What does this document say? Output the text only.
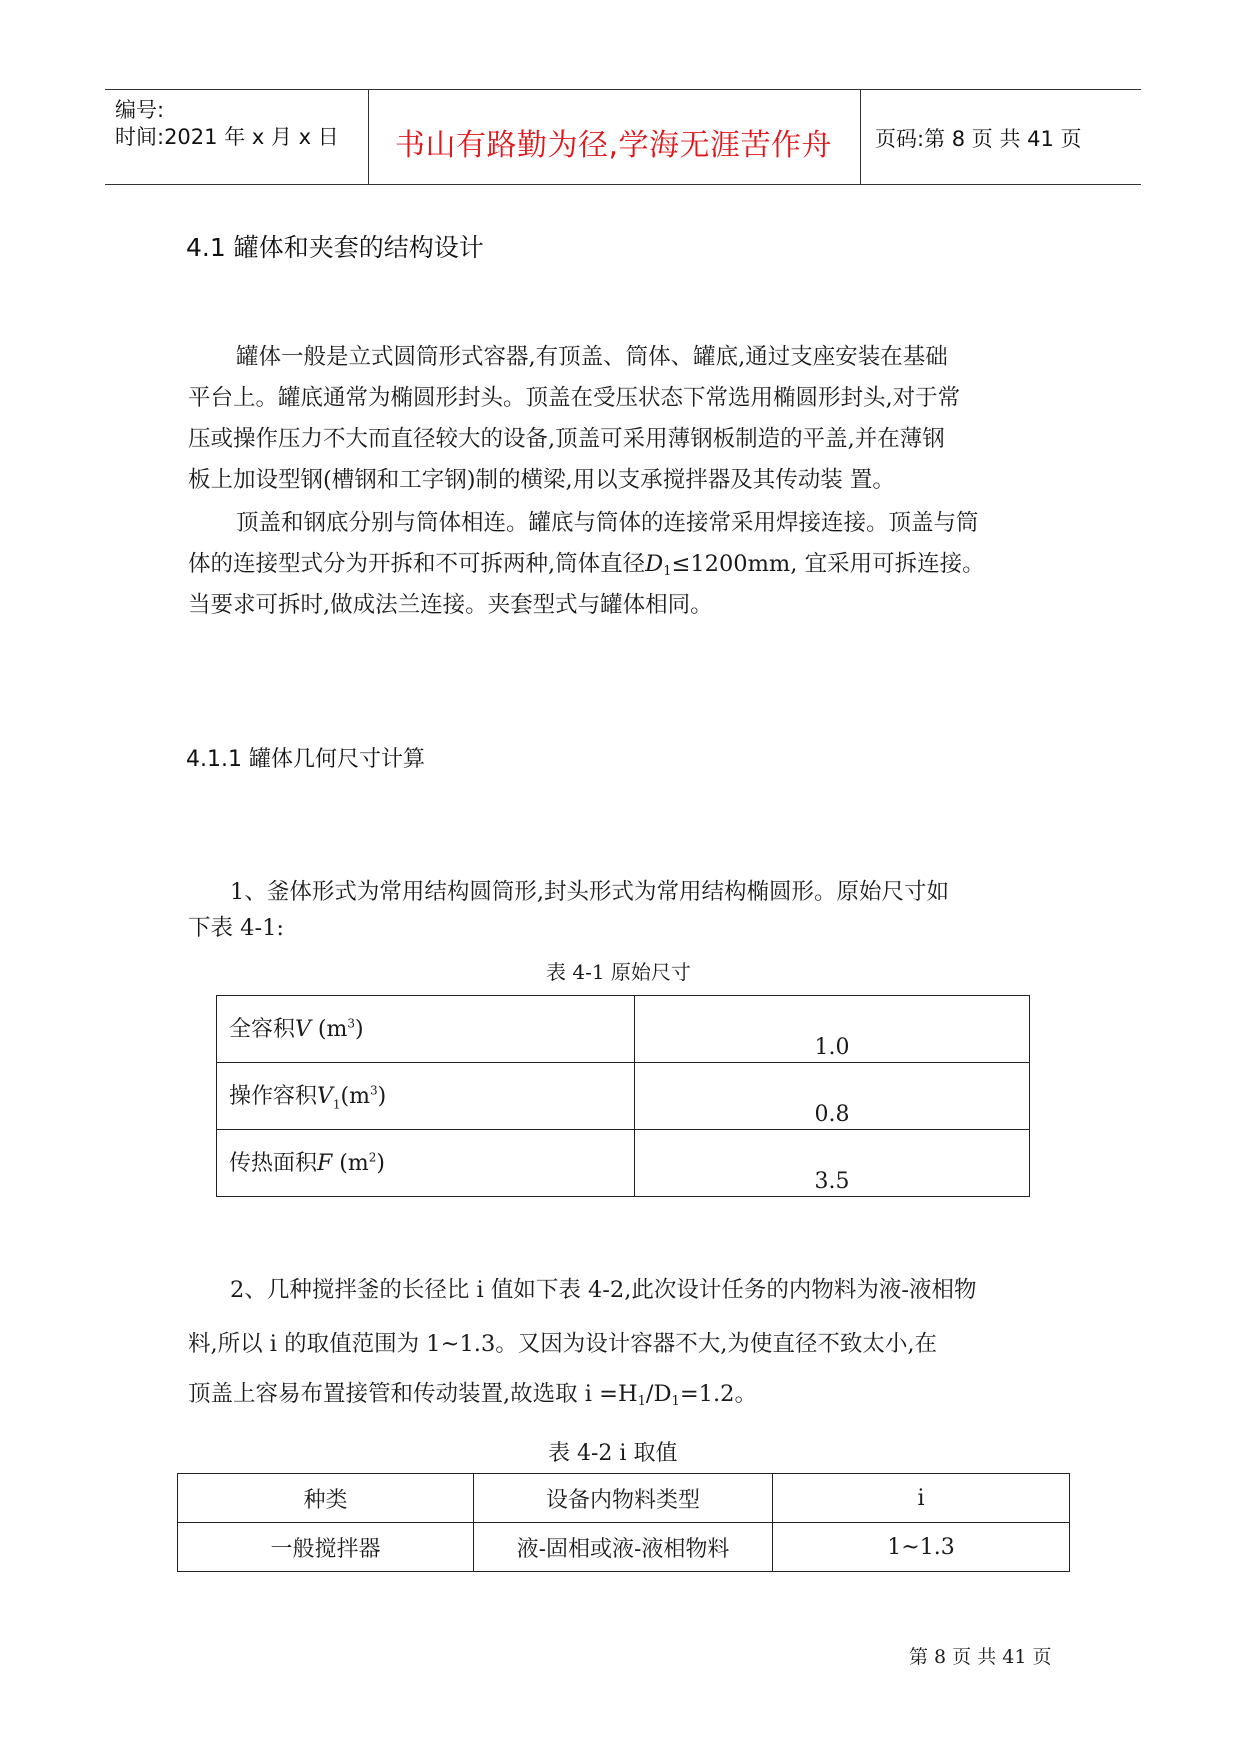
编号:
时间:2021 年 x 月 x 日 书山有路勤为径,学海无涯苦作舟 页码:第 8 页 共 41 页
4.1 罐体和夹套的结构设计
罐体一般是立式圆筒形式容器,有顶盖、筒体、罐底,通过支座安装在基础
平台上。罐底通常为椭圆形封头。顶盖在受压状态下常选用椭圆形封头,对于常
压或操作压力不大而直径较大的设备,顶盖可采用薄钢板制造的平盖,并在薄钢
板上加设型钢(槽钢和工字钢)制的横梁,用以支承搅拌器及其传动装 置。
顶盖和钢底分别与筒体相连。罐底与筒体的连接常采用焊接连接。顶盖与筒
体的连接型式分为开拆和不可拆两种,筒体直径$D_1\le 1200mm$, 宜采用可拆连接。
当要求可拆时,做成法兰连接。夹套型式与罐体相同。
4.1.1 罐体几何尺寸计算
1、釜体形式为常用结构圆筒形,封头形式为常用结构椭圆形。原始尺寸如
下表 4-1:
表 4-1 原始尺寸
全容积V $(m^3)$	1.0
操作容积$V_1(m^3)$	0.8
传热面积F $(m^2)$	3.5
2、几种搅拌釜的长径比 i 值如下表 4-2,此次设计任务的内物料为液-液相物
料,所以 i 的取值范围为 1~1.3。又因为设计容器不大,为使直径不致太小,在
顶盖上容易布置接管和传动装置,故选取 $i =H_1/D_1=1.2$。
表 4-2 i 取值
种类	设备内物料类型	i
一般搅拌器	液-固相或液-液相物料	1~1.3
第 8 页 共 41 页
